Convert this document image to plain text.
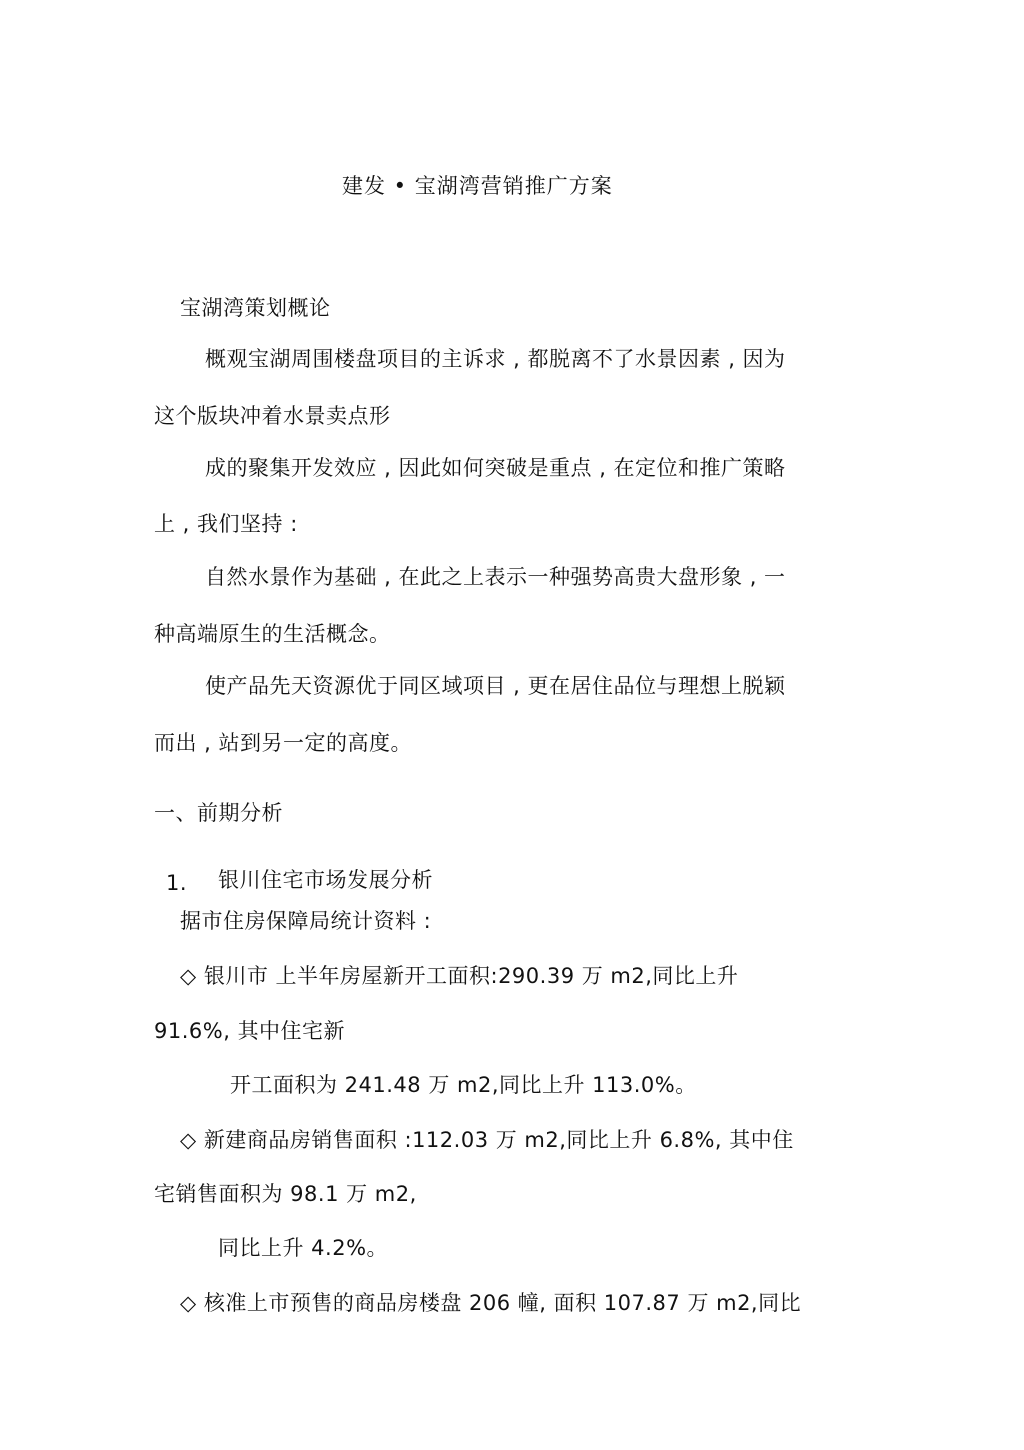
建发 • 宝湖湾营销推广方案
宝湖湾策划概论
概观宝湖周围楼盘项目的主诉求 , 都脱离不了水景因素 , 因为
这个版块冲着水景卖点形
成的聚集开发效应 , 因此如何突破是重点 , 在定位和推广策略
上 , 我们坚持 :
自然水景作为基础 , 在此之上表示一种强势高贵大盘形象 , 一
种高端原生的生活概念。
使产品先天资源优于同区域项目 , 更在居住品位与理想上脱颖
而出 , 站到另一定的高度。
一、前期分析
1. 银川住宅市场发展分析
据市住房保障局统计资料 :
◇ 银川市 上半年房屋新开工面积:290.39 万 m2,同比上升
91.6%, 其中住宅新
开工面积为 241.48 万 m2,同比上升 113.0%。
◇ 新建商品房销售面积 :112.03 万 m2,同比上升 6.8%, 其中住
宅销售面积为 98.1 万 m2,
同比上升 4.2%。
◇ 核准上市预售的商品房楼盘 206 幢, 面积 107.87 万 m2,同比
